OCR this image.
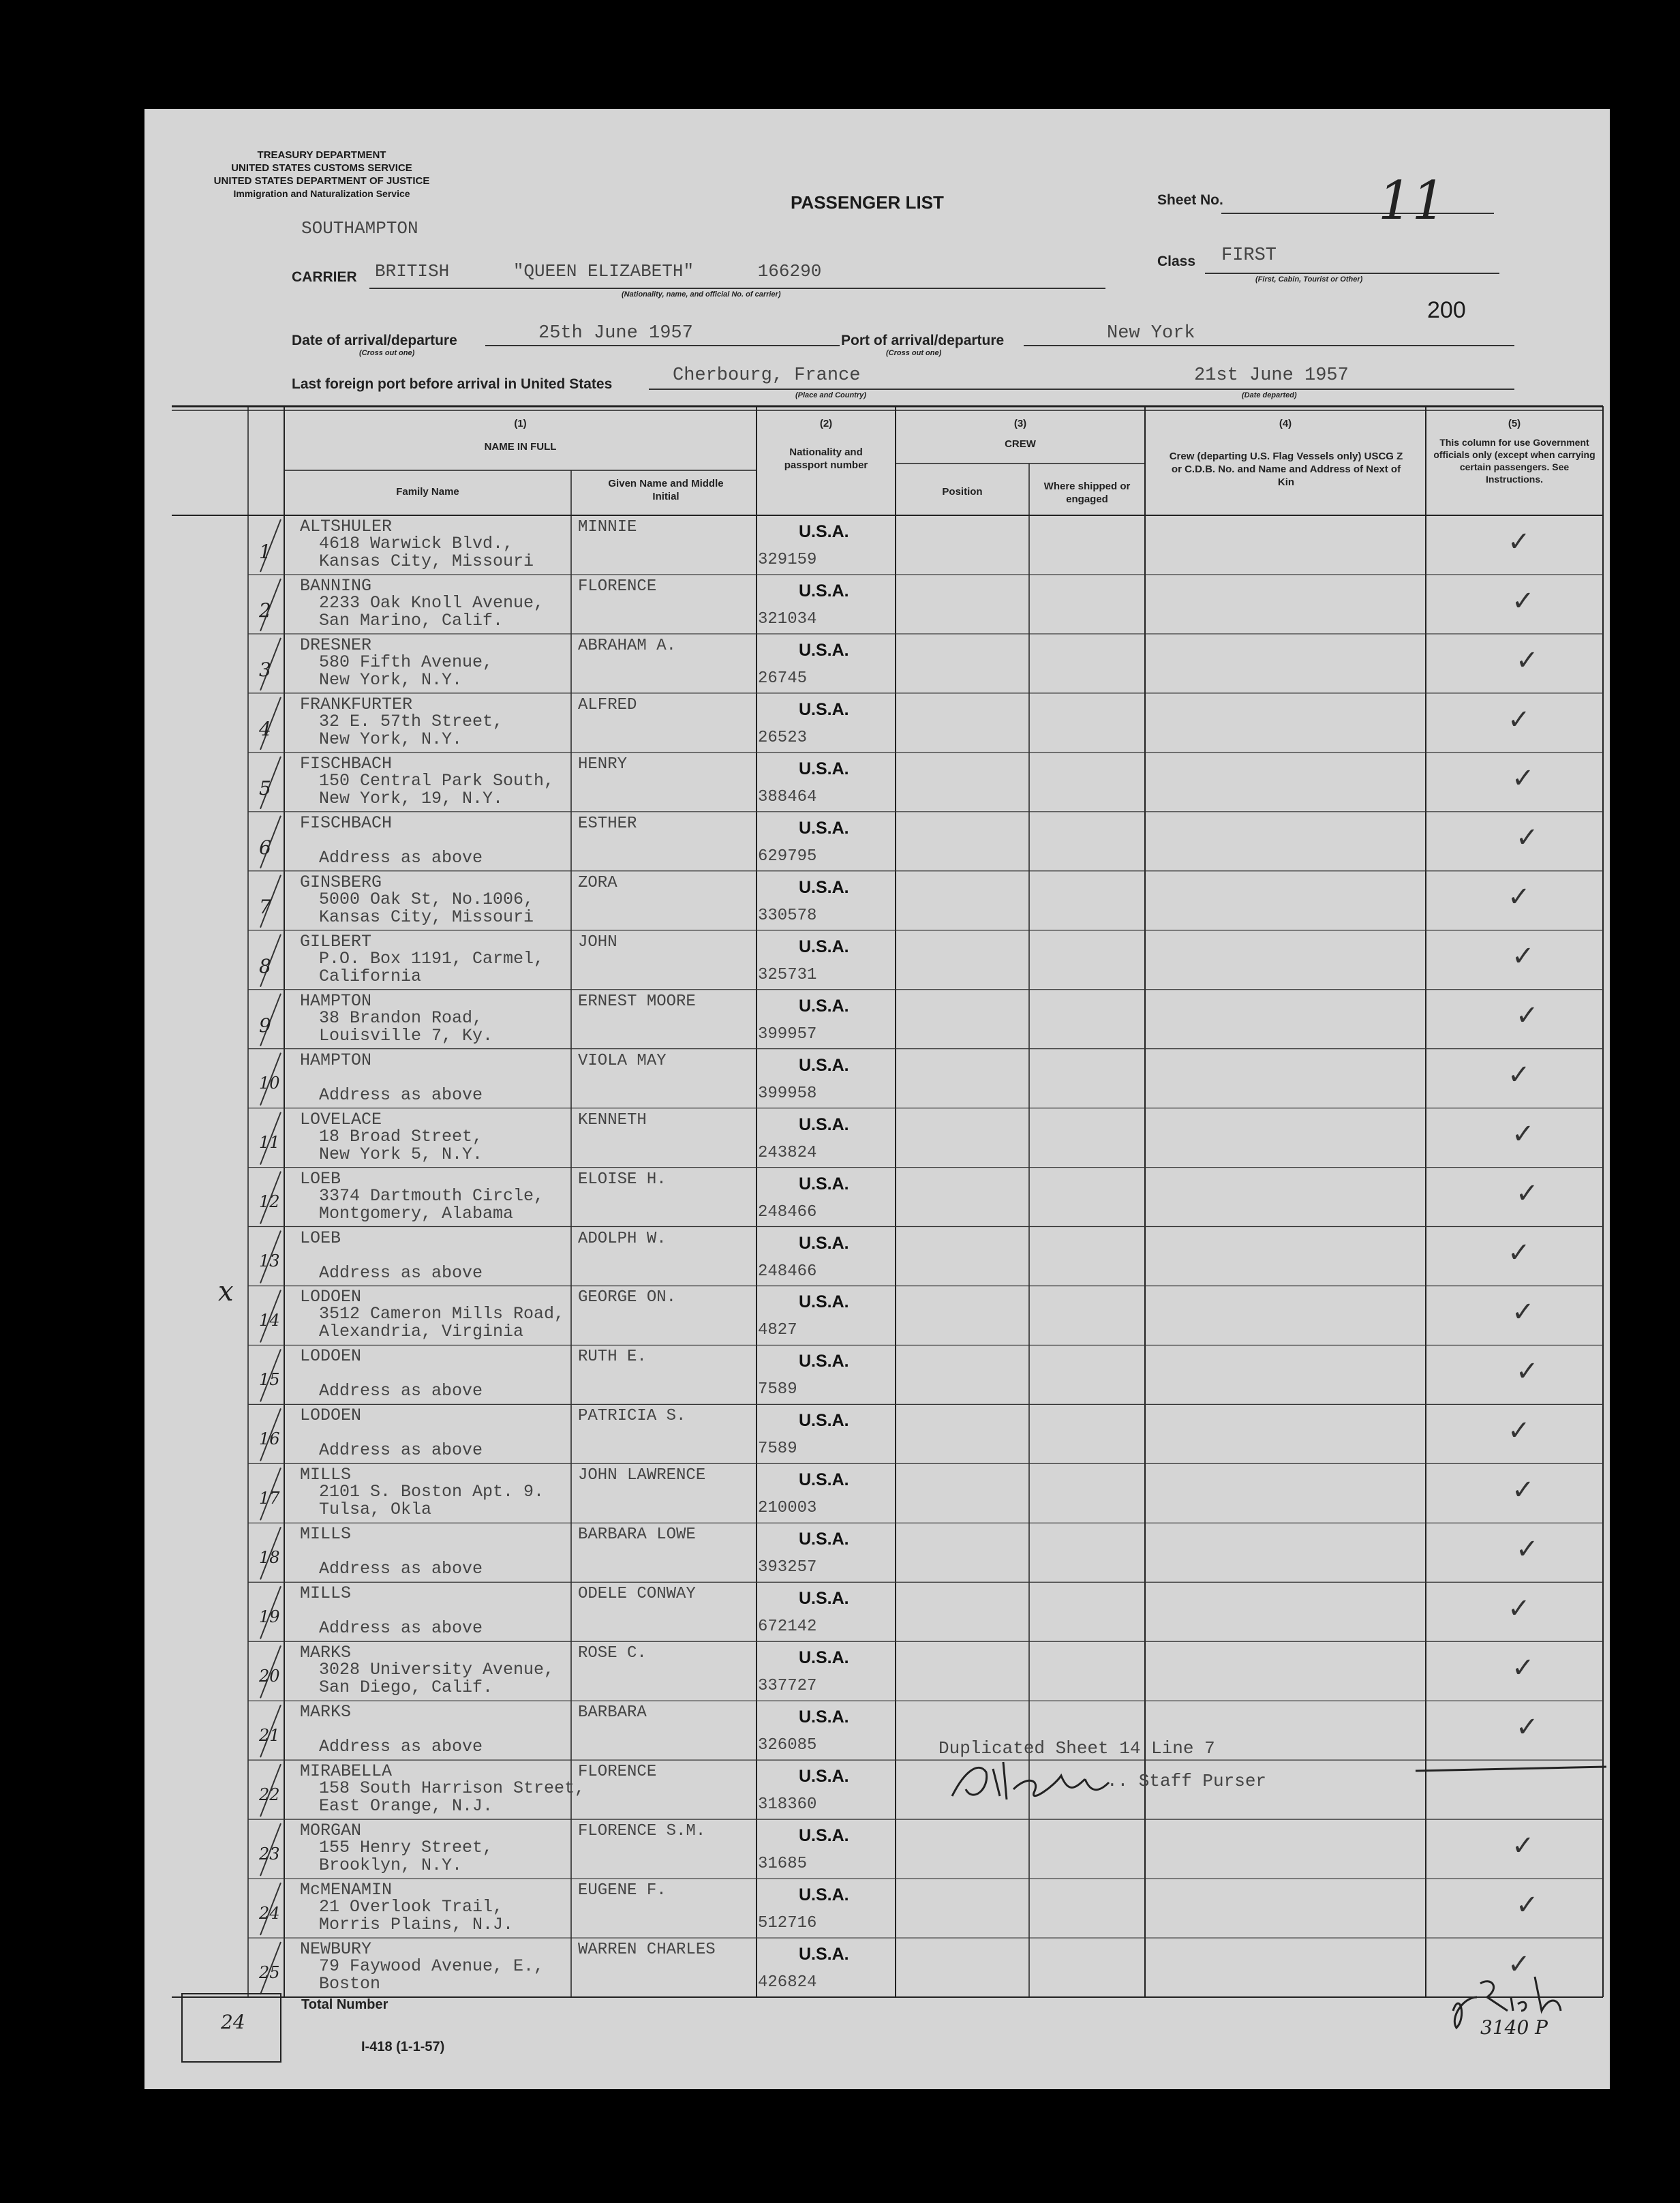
TREASURY DEPARTMENT
UNITED STATES CUSTOMS SERVICE
UNITED STATES DEPARTMENT OF JUSTICE
Immigration and Naturalization Service	PASSENGER LIST	Sheet No.	11
SOUTHAMPTON
CARRIER BRITISH      "QUEEN ELIZABETH"      166290
(Nationality, name, and official No. of carrier)
Class FIRST
(First, Cabin, Tourist or Other)
200
Date of arrival/departure
(Cross out one)
25th June 1957	Port of arrival/departure
(Cross out one)
New York
Last foreign port before arrival in United States	Cherbourg, France
(Place and Country)
21st June 1957
(Date departed)
(1)
NAME IN FULL
Family Name
Given Name and Middle Initial
(2)
Nationality and passport number
(3)
CREW
Position	Where shipped or engaged
(4)
Crew (departing U.S. Flag Vessels only) USCG Z or C.D.B. No. and Name and Address of Next of Kin
(5)
This column for use Government officials only (except when carrying certain passengers. See Instructions.
1
ALTSHULER
4618 Warwick Blvd.,
Kansas City, Missouri
MINNIE	U.S.A.
329159
✓
2
BANNING
2233 Oak Knoll Avenue,
San Marino, Calif.
FLORENCE	U.S.A.
321034
✓
3
DRESNER
580 Fifth Avenue,
New York, N.Y.
ABRAHAM A.	U.S.A.
26745
✓
4
FRANKFURTER
32 E. 57th Street,
New York, N.Y.
ALFRED	U.S.A.
26523
✓
5
FISCHBACH
150 Central Park South,
New York, 19, N.Y.
HENRY	U.S.A.
388464
✓
6
FISCHBACH
Address as above
ESTHER	U.S.A.
629795
✓
7
GINSBERG
5000 Oak St, No.1006,
Kansas City, Missouri
ZORA	U.S.A.
330578
✓
8
GILBERT
P.O. Box 1191, Carmel,
California
JOHN	U.S.A.
325731
✓
9
HAMPTON
38 Brandon Road,
Louisville 7, Ky.
ERNEST MOORE	U.S.A.
399957
✓
10
HAMPTON
Address as above
VIOLA MAY	U.S.A.
399958
✓
11
LOVELACE
18 Broad Street,
New York 5, N.Y.
KENNETH	U.S.A.
243824
✓
12
LOEB
3374 Dartmouth Circle,
Montgomery, Alabama
ELOISE H.	U.S.A.
248466
✓
13
LOEB
Address as above
ADOLPH W.	U.S.A.
248466
✓
14
LODOEN
3512 Cameron Mills Road,
Alexandria, Virginia
GEORGE ON.	U.S.A.
4827
✓
15
LODOEN
Address as above
RUTH E.	U.S.A.
7589
✓
16
LODOEN
Address as above
PATRICIA S.	U.S.A.
7589
✓
17
MILLS
2101 S. Boston Apt. 9.
Tulsa, Okla
JOHN LAWRENCE	U.S.A.
210003
✓
18
MILLS
Address as above
BARBARA LOWE	U.S.A.
393257
✓
19
MILLS
Address as above
ODELE CONWAY	U.S.A.
672142
✓
20
MARKS
3028 University Avenue,
San Diego, Calif.
ROSE C.	U.S.A.
337727
✓
21
MARKS
Address as above
BARBARA	U.S.A.
326085
✓
22
MIRABELLA
158 South Harrison Street,
East Orange, N.J.
FLORENCE	U.S.A.
318360
23
MORGAN
155 Henry Street,
Brooklyn, N.Y.
FLORENCE S.M.	U.S.A.
31685
✓
24
McMENAMIN
21 Overlook Trail,
Morris Plains, N.J.
EUGENE F.	U.S.A.
512716
✓
25
NEWBURY
79 Faywood Avenue, E.,
Boston
WARREN CHARLES	U.S.A.
426824
✓
Duplicated Sheet 14 Line 7
.. Staff Purser
24
Total Number
I-418 (1-1-57)
3140 P
x
